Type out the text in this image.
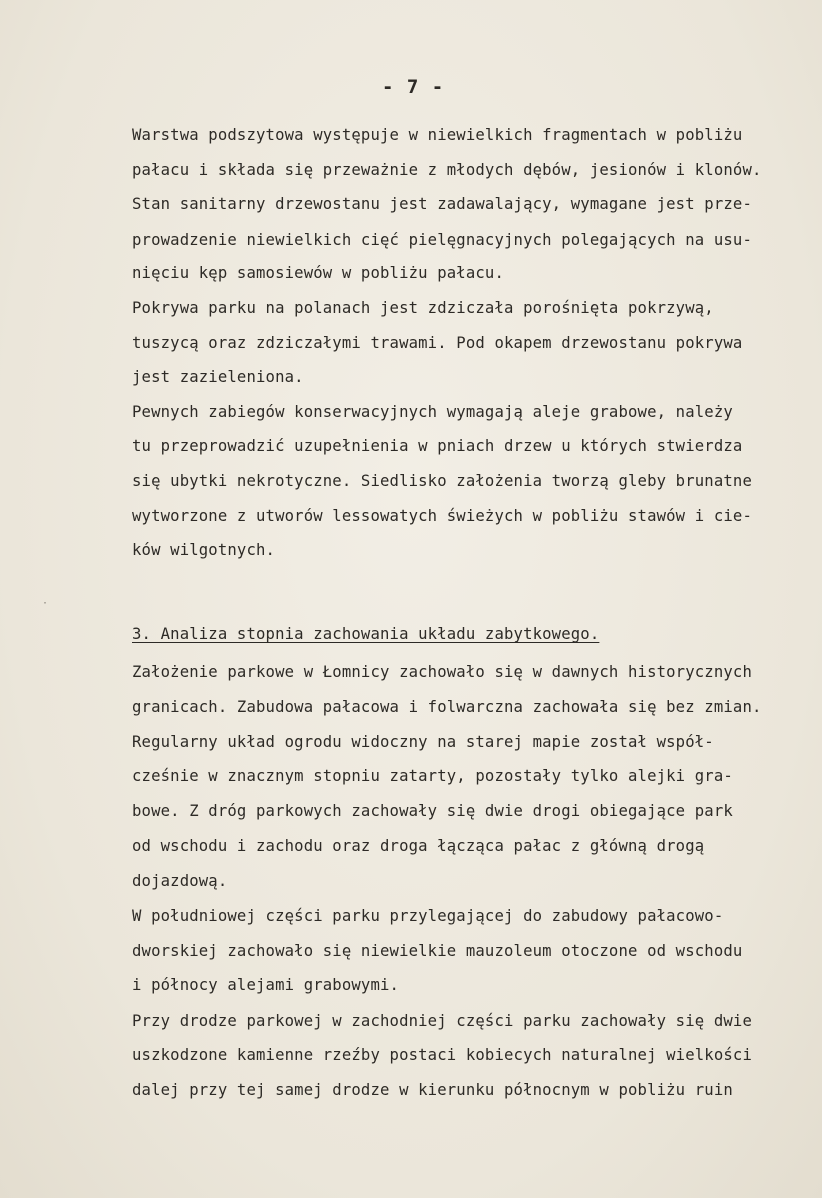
- 7 -
Warstwa podszytowa występuje w niewielkich fragmentach w pobliżu
pałacu i składa się przeważnie z młodych dębów, jesionów i klonów.
Stan sanitarny drzewostanu jest zadawalający, wymagane jest prze-
prowadzenie niewielkich cięć pielęgnacyjnych polegających na usu-
nięciu kęp samosiewów w pobliżu pałacu.
Pokrywa parku na polanach jest zdziczała porośnięta pokrzywą,
tuszycą oraz zdziczałymi trawami. Pod okapem drzewostanu pokrywa
jest zazieleniona.
Pewnych zabiegów konserwacyjnych wymagają aleje grabowe, należy
tu przeprowadzić uzupełnienia w pniach drzew u których stwierdza
się ubytki nekrotyczne. Siedlisko założenia tworzą gleby brunatne
wytworzone z utworów lessowatych świeżych w pobliżu stawów i cie-
ków wilgotnych.
·
3. Analiza stopnia zachowania układu zabytkowego.
Założenie parkowe w Łomnicy zachowało się w dawnych historycznych
granicach. Zabudowa pałacowa i folwarczna zachowała się bez zmian.
Regularny układ ogrodu widoczny na starej mapie został współ-
cześnie w znacznym stopniu zatarty, pozostały tylko alejki gra-
bowe. Z dróg parkowych zachowały się dwie drogi obiegające park
od wschodu i zachodu oraz droga łącząca pałac z główną drogą
dojazdową.
W południowej części parku przylegającej do zabudowy pałacowo-
dworskiej zachowało się niewielkie mauzoleum otoczone od wschodu
i północy alejami grabowymi.
Przy drodze parkowej w zachodniej części parku zachowały się dwie
uszkodzone kamienne rzeźby postaci kobiecych naturalnej wielkości
dalej przy tej samej drodze w kierunku północnym w pobliżu ruin
